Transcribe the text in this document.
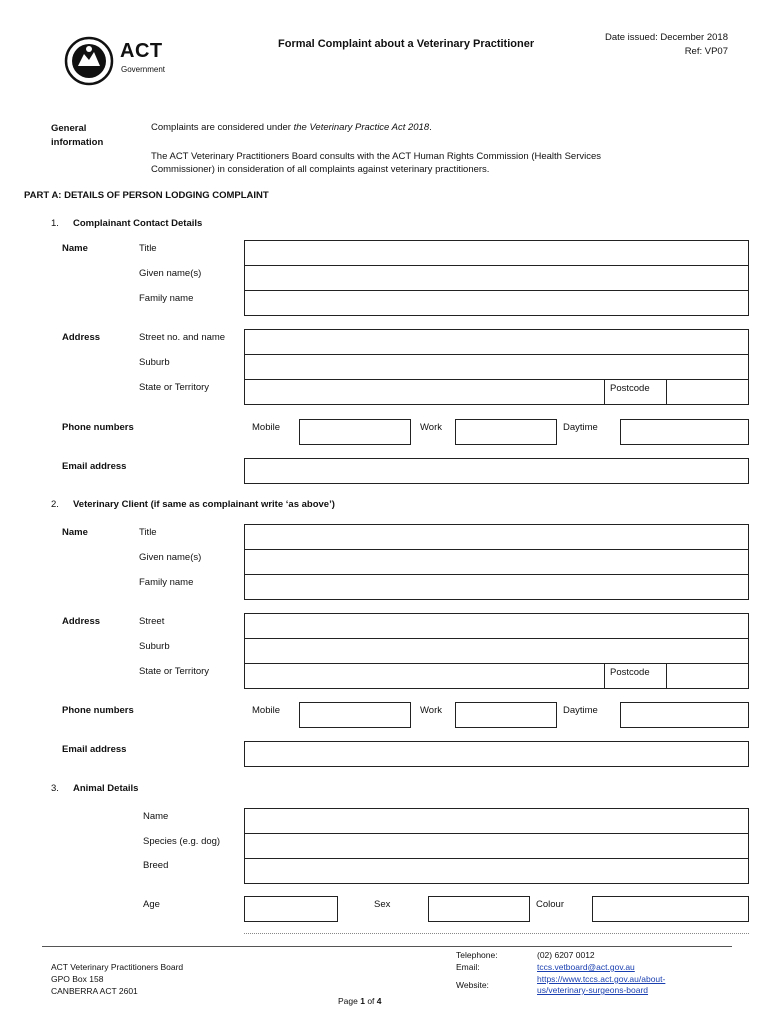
ACT
Government
Formal Complaint about a Veterinary Practitioner
Date issued: December 2018
Ref: VP07
General
information
Complaints are considered under the Veterinary Practice Act 2018.
The ACT Veterinary Practitioners Board consults with the ACT Human Rights Commission (Health Services
Commissioner) in consideration of all complaints against veterinary practitioners.
PART A: DETAILS OF PERSON LODGING COMPLAINT
1. Complainant Contact Details
Name	Title
Given name(s)
Family name
Address	Street no. and name
Suburb
State or Territory	Postcode
Phone numbers	Mobile	Work	Daytime
Email address
2. Veterinary Client (if same as complainant write ‘as above’)
Name	Title
Given name(s)
Family name
Address	Street
Suburb
State or Territory	Postcode
Phone numbers	Mobile	Work	Daytime
Email address
3. Animal Details
Name
Species (e.g. dog)
Breed
Age	Sex	Colour
ACT Veterinary Practitioners Board
GPO Box 158
CANBERRA ACT 2601
Telephone:	(02) 6207 0012
Email:	tccs.vetboard@act.gov.au
Website:
https://www.tccs.act.gov.au/about-
us/veterinary-surgeons-board
Page 1 of 4
